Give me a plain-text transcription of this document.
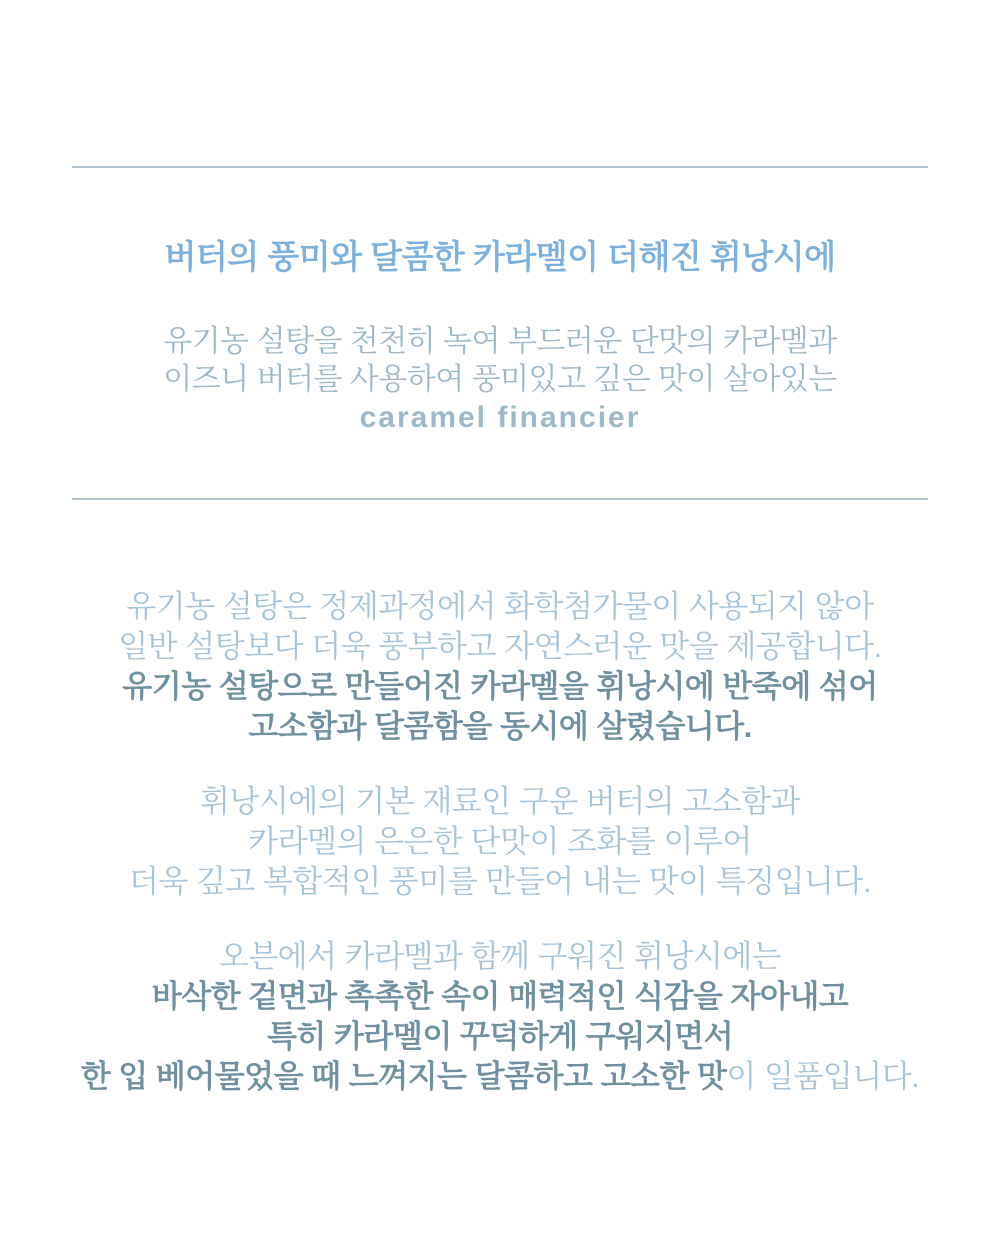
버터의 풍미와 달콤한 카라멜이 더해진 휘낭시에

유기농 설탕을 천천히 녹여 부드러운 단맛의 카라멜과

이즈니 버터를 사용하여 풍미있고 깊은 맛이 살아있는

caramel financier

유기농 설탕은 정제과정에서 화학첨가물이 사용되지 않아

일반 설탕보다 더욱 풍부하고 자연스러운 맛을 제공합니다.

유기농 설탕으로 만들어진 카라멜을 휘낭시에 반죽에 섞어

고소함과 달콤함을 동시에 살렸습니다.

휘낭시에의 기본 재료인 구운 버터의 고소함과

카라멜의 은은한 단맛이 조화를 이루어

더욱 깊고 복합적인 풍미를 만들어 내는 맛이 특징입니다.

오븐에서 카라멜과 함께 구워진 휘낭시에는

바삭한 겉면과 촉촉한 속이 매력적인 식감을 자아내고

특히 카라멜이 꾸덕하게 구워지면서

한 입 베어물었을 때 느껴지는 달콤하고 고소한 맛이 일품입니다.
